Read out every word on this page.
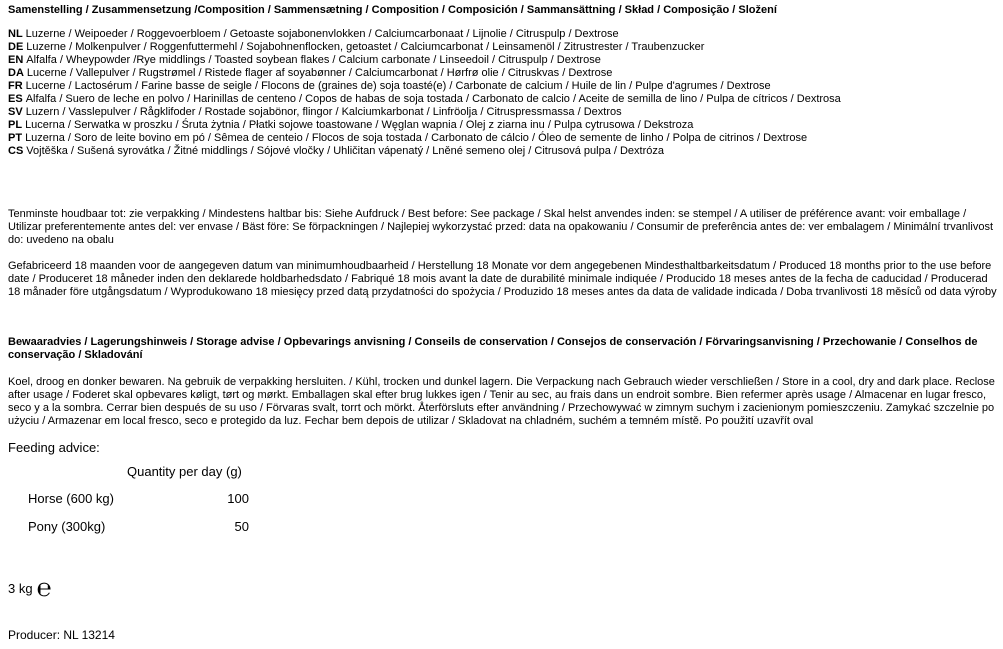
Samenstelling / Zusammensetzung /Composition / Sammensætning / Composition / Composición / Sammansättning / Skład / Composição / Složení
NL Luzerne / Weipoeder / Roggevoerbloem / Getoaste sojabonenvlokken / Calciumcarbonaat / Lijnolie / Citruspulp / Dextrose
DE Luzerne / Molkenpulver / Roggenfuttermehl / Sojabohnenflocken, getoastet / Calciumcarbonat / Leinsamenöl / Zitrustrester / Traubenzucker
EN Alfalfa / Wheypowder /Rye middlings / Toasted soybean flakes / Calcium carbonate / Linseedoil / Citruspulp / Dextrose
DA Lucerne / Vallepulver / Rugstrømel / Ristede flager af soyabønner / Calciumcarbonat / Hørfrø olie / Citruskvas / Dextrose
FR Lucerne / Lactosérum / Farine basse de seigle / Flocons de (graines de) soja toasté(e) / Carbonate de calcium / Huile de lin / Pulpe d'agrumes / Dextrose
ES Alfalfa / Suero de leche en polvo / Harinillas de centeno / Copos de habas de soja tostada / Carbonato de calcio / Aceite de semilla de lino / Pulpa de cítricos / Dextrosa
SV Luzern / Vasslepulver / Rågklifoder / Rostade sojabönor, flingor / Kalciumkarbonat / Linfröolja / Citruspressmassa / Dextros
PL Lucerna / Serwatka w proszku / Śruta żytnia / Płatki sojowe toastowane / Węglan wapnia / Olej z ziarna inu / Pulpa cytrusowa / Dekstroza
PT Luzerna / Soro de leite bovino em pó / Sêmea de centeio / Flocos de soja tostada / Carbonato de cálcio / Óleo de semente de linho / Polpa de citrinos / Dextrose
CS Vojtěška / Sušená syrovátka / Žitné middlings / Sójové vločky / Uhličitan vápenatý / Lněné semeno olej / Citrusová pulpa / Dextróza
Tenminste houdbaar tot: zie verpakking / Mindestens haltbar bis: Siehe Aufdruck / Best before: See package / Skal helst anvendes inden: se stempel / A utiliser de préférence avant: voir emballage / Utilizar preferentemente antes del: ver envase / Bäst före: Se förpackningen / Najlepiej wykorzystać przed: data na opakowaniu / Consumir de preferência antes de: ver embalagem / Minimální trvanlivost do: uvedeno na obalu
Gefabriceerd 18 maanden voor de aangegeven datum van minimumhoudbaarheid / Herstellung 18 Monate vor dem angegebenen Mindesthaltbarkeitsdatum / Produced 18 months prior to the use before date / Produceret 18 måneder inden den deklarede holdbarhedsdato / Fabriqué 18 mois avant la date de durabilité minimale indiquée / Producido 18 meses antes de la fecha de caducidad / Producerad 18 månader före utgångsdatum / Wyprodukowano 18 miesięcy przed datą przydatności do spożycia / Produzido 18 meses antes da data de validade indicada / Doba trvanlivosti 18 měsíců od data výroby
Bewaaradvies / Lagerungshinweis / Storage advise / Opbevarings anvisning / Conseils de conservation / Consejos de conservación / Förvaringsanvisning / Przechowanie / Conselhos de conservação / Skladování
Koel, droog en donker bewaren. Na gebruik de verpakking hersluiten. / Kühl, trocken und dunkel lagern. Die Verpackung nach Gebrauch wieder verschließen / Store in a cool, dry and dark place. Reclose after usage / Foderet skal opbevares køligt, tørt og mørkt. Emballagen skal efter brug lukkes igen / Tenir au sec, au frais dans un endroit sombre. Bien refermer après usage / Almacenar en lugar fresco, seco y a la sombra. Cerrar bien después de su uso / Förvaras svalt, torrt och mörkt. Återförsluts efter användning / Przechowywać w zimnym suchym i zacienionym pomieszczeniu. Zamykać szczelnie po użyciu / Armazenar em local fresco, seco e protegido da luz. Fechar bem depois de utilizar / Skladovat na chladném, suchém a temném místě. Po použití uzavřít oval
Feeding advice:
Quantity per day (g)
Horse (600 kg)	100
Pony (300kg)	50
3 kg ℮
Producer: NL 13214
